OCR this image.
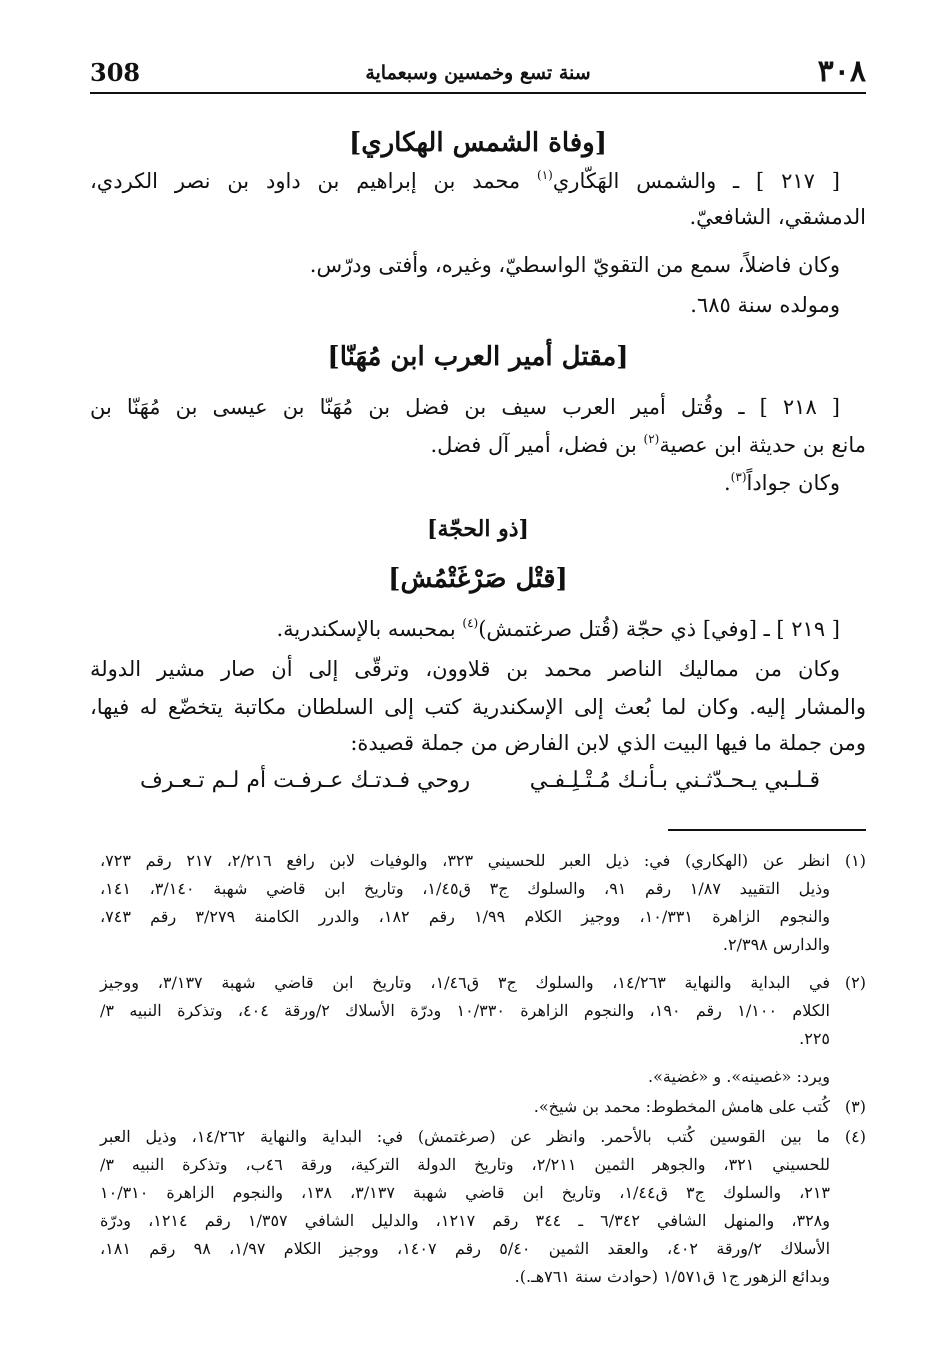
٣٠٨
سنة تسع وخمسين وسبعماية
308
[وفاة الشمس الهكاري]
[ ٢١٧ ] ـ والشمس الهَكّاري$^{(١)}$ محمد بن إبراهيم بن داود بن نصر الكردي،
الدمشقي، الشافعيّ.
وكان فاضلاً، سمع من التقويّ الواسطيّ، وغيره، وأفتى ودرّس.
ومولده سنة ٦٨٥.
[مقتل أمير العرب ابن مُهَنّا]
[ ٢١٨ ] ـ وقُتل أمير العرب سيف بن فضل بن مُهَنّا بن عيسى بن مُهَنّا بن
مانع بن حديثة ابن عصية$^{(٢)}$ بن فضل، أمير آل فضل.
وكان جواداً$^{(٣)}$.
[ذو الحجّة]
[قتْل صَرْغَتْمُش]
[ ٢١٩ ] ـ [وفي] ذي حجّة (قُتل صرغتمش)$^{(٤)}$ بمحبسه بالإسكندرية.
وكان من مماليك الناصر محمد بن قلاوون، وترقّى إلى أن صار مشير الدولة
والمشار إليه. وكان لما بُعث إلى الإسكندرية كتب إلى السلطان مكاتبة يتخضّع له فيها،
ومن جملة ما فيها البيت الذي لابن الفارض من جملة قصيدة:
قـلـبي يـحـدّثـني بـأنـك مُـتْـلِـفـي
روحي فـدتـك عـرفـت أم لـم تـعـرف
(١)
انظر عن (الهكاري) في: ذيل العبر للحسيني ٣٢٣، والوفيات لابن رافع ٢/٢١٦، ٢١٧ رقم ٧٢٣،
وذيل التقييد ١/٨٧ رقم ٩١، والسلوك ج٣ ق١/٤٥، وتاريخ ابن قاضي شهبة ٣/١٤٠، ١٤١،
والنجوم الزاهرة ١٠/٣٣١، ووجيز الكلام ١/٩٩ رقم ١٨٢، والدرر الكامنة ٣/٢٧٩ رقم ٧٤٣،
والدارس ٢/٣٩٨.
(٢)
في البداية والنهاية ١٤/٢٦٣، والسلوك ج٣ ق١/٤٦، وتاريخ ابن قاضي شهبة ٣/١٣٧، ووجيز
الكلام ١/١٠٠ رقم ١٩٠، والنجوم الزاهرة ١٠/٣٣٠ ودرّة الأسلاك ٢/ورقة ٤٠٤، وتذكرة النبيه ٣/
٢٢٥.
ويرد: «غصينه». و «غضية».
(٣)
كُتب على هامش المخطوط: محمد بن شيخ».
(٤)
ما بين القوسين كُتب بالأحمر. وانظر عن (صرغتمش) في: البداية والنهاية ١٤/٢٦٢، وذيل العبر
للحسيني ٣٢١، والجوهر الثمين ٢/٢١١، وتاريخ الدولة التركية، ورقة ٤٦ب، وتذكرة النبيه ٣/
٢١٣، والسلوك ج٣ ق١/٤٤، وتاريخ ابن قاضي شهبة ٣/١٣٧، ١٣٨، والنجوم الزاهرة ١٠/٣١٠
و٣٢٨، والمنهل الشافي ٦/٣٤٢ ـ ٣٤٤ رقم ١٢١٧، والدليل الشافي ١/٣٥٧ رقم ١٢١٤، ودرّة
الأسلاك ٢/ورقة ٤٠٢، والعقد الثمين ٥/٤٠ رقم ١٤٠٧، ووجيز الكلام ١/٩٧، ٩٨ رقم ١٨١،
وبدائع الزهور ج١ ق١/٥٧١ (حوادث سنة ٧٦١هـ.).
